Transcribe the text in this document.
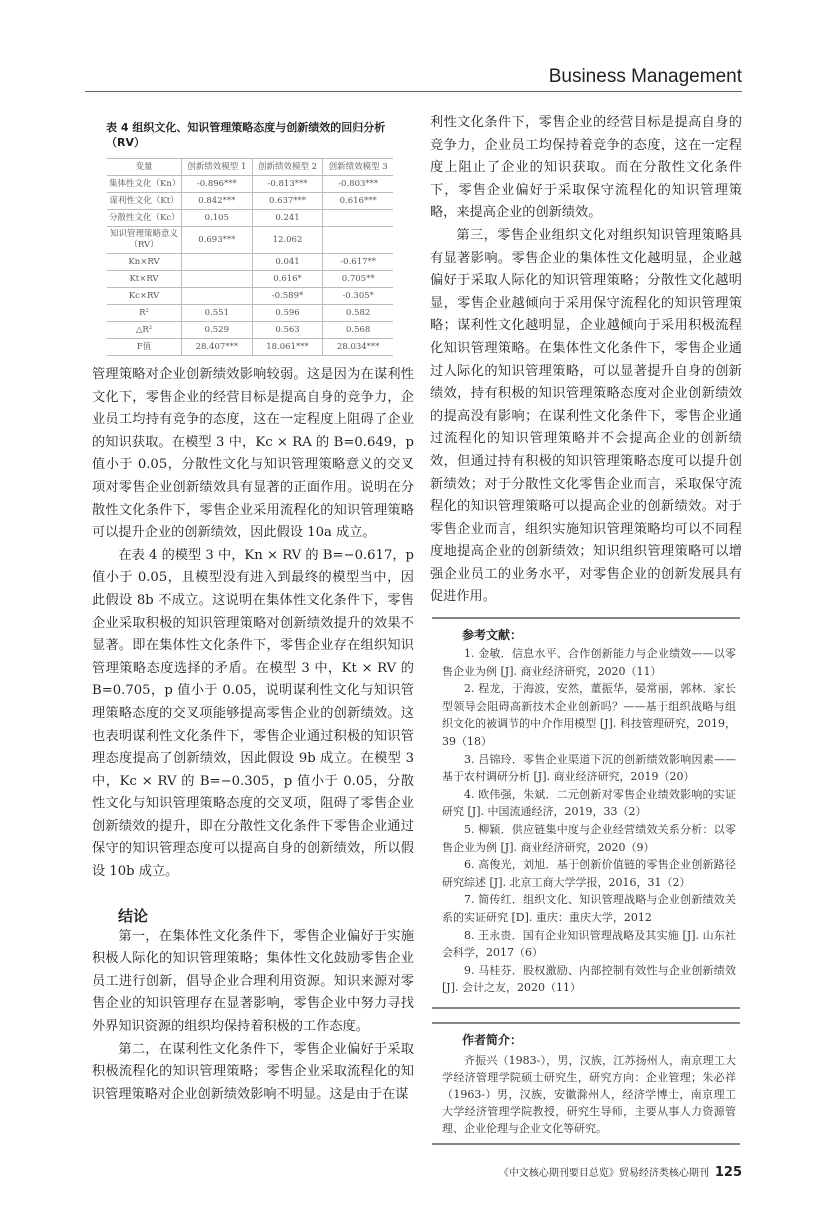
Business Management
表 4 组织文化、知识管理策略态度与创新绩效的回归分析（RV）
变量	创新绩效模型 1	创新绩效模型 2	创新绩效模型 3
集体性文化（Kn）	-0.896***	-0.813***	-0.803***
谋利性文化（Kt）	0.842***	0.637***	0.616***
分散性文化（Kc）	0.105	0.241	
知识管理策略意义（RV）	0.693***	12.062	
Kn×RV		0.041	-0.617**
Kt×RV		0.616*	0.705**
Kc×RV		-0.589*	-0.305*
R²	0.551	0.596	0.582
△R²	0.529	0.563	0.568
F值	28.407***	18.061***	28.034***

管理策略对企业创新绩效影响较弱。这是因为在谋利性文化下，零售企业的经营目标是提高自身的竞争力，企业员工均持有竞争的态度，这在一定程度上阻碍了企业的知识获取。在模型 3 中，Kc × RA 的 B=0.649，p 值小于 0.05，分散性文化与知识管理策略意义的交叉项对零售企业创新绩效具有显著的正面作用。说明在分散性文化条件下，零售企业采用流程化的知识管理策略可以提升企业的创新绩效，因此假设 10a 成立。

在表 4 的模型 3 中，Kn × RV 的 B=−0.617，p 值小于 0.05，且模型没有进入到最终的模型当中，因此假设 8b 不成立。这说明在集体性文化条件下，零售企业采取积极的知识管理策略对创新绩效提升的效果不显著。即在集体性文化条件下，零售企业存在组织知识管理策略态度选择的矛盾。在模型 3 中，Kt × RV 的 B=0.705，p 值小于 0.05，说明谋利性文化与知识管理策略态度的交叉项能够提高零售企业的创新绩效。这也表明谋利性文化条件下，零售企业通过积极的知识管理态度提高了创新绩效，因此假设 9b 成立。在模型 3 中，Kc × RV 的 B=−0.305，p 值小于 0.05，分散性文化与知识管理策略态度的交叉项，阻碍了零售企业创新绩效的提升，即在分散性文化条件下零售企业通过保守的知识管理态度可以提高自身的创新绩效，所以假设 10b 成立。

结论

第一，在集体性文化条件下，零售企业偏好于实施积极人际化的知识管理策略；集体性文化鼓励零售企业员工进行创新，倡导企业合理利用资源。知识来源对零售企业的知识管理存在显著影响，零售企业中努力寻找外界知识资源的组织均保持着积极的工作态度。

第二，在谋利性文化条件下，零售企业偏好于采取积极流程化的知识管理策略；零售企业采取流程化的知识管理策略对企业创新绩效影响不明显。这是由于在谋

利性文化条件下，零售企业的经营目标是提高自身的竞争力，企业员工均保持着竞争的态度，这在一定程度上阻止了企业的知识获取。而在分散性文化条件下，零售企业偏好于采取保守流程化的知识管理策略，来提高企业的创新绩效。

第三，零售企业组织文化对组织知识管理策略具有显著影响。零售企业的集体性文化越明显，企业越偏好于采取人际化的知识管理策略；分散性文化越明显，零售企业越倾向于采用保守流程化的知识管理策略；谋利性文化越明显，企业越倾向于采用积极流程化知识管理策略。在集体性文化条件下，零售企业通过人际化的知识管理策略，可以显著提升自身的创新绩效，持有积极的知识管理策略态度对企业创新绩效的提高没有影响；在谋利性文化条件下，零售企业通过流程化的知识管理策略并不会提高企业的创新绩效，但通过持有积极的知识管理策略态度可以提升创新绩效；对于分散性文化零售企业而言，采取保守流程化的知识管理策略可以提高企业的创新绩效。对于零售企业而言，组织实施知识管理策略均可以不同程度地提高企业的创新绩效；知识组织管理策略可以增强企业员工的业务水平，对零售企业的创新发展具有促进作用。

参考文献：

1. 金敏．信息水平、合作创新能力与企业绩效——以零售企业为例 [J]. 商业经济研究，2020（11）

2. 程龙，于海波，安然，董振华，晏常丽，郭林．家长型领导会阻碍高新技术企业创新吗？——基于组织战略与组织文化的被调节的中介作用模型 [J]. 科技管理研究，2019，39（18）

3. 吕锦玲．零售企业渠道下沉的创新绩效影响因素——基于农村调研分析 [J]. 商业经济研究，2019（20）

4. 欧伟强，朱斌．二元创新对零售企业绩效影响的实证研究 [J]. 中国流通经济，2019，33（2）

5. 柳颖．供应链集中度与企业经营绩效关系分析：以零售企业为例 [J]. 商业经济研究，2020（9）

6. 高俊光，刘旭．基于创新价值链的零售企业创新路径研究综述 [J]. 北京工商大学学报，2016，31（2）

7. 简传红．组织文化、知识管理战略与企业创新绩效关系的实证研究 [D]. 重庆：重庆大学，2012

8. 王永贵．国有企业知识管理战略及其实施 [J]. 山东社会科学，2017（6）

9. 马桂芬．股权激励、内部控制有效性与企业创新绩效 [J]. 会计之友，2020（11）

作者简介：
齐振兴（1983-），男，汉族，江苏扬州人，南京理工大学经济管理学院硕士研究生，研究方向：企业管理；朱必祥（1963-）男，汉族，安徽滁州人，经济学博士，南京理工大学经济管理学院教授，研究生导师，主要从事人力资源管理、企业伦理与企业文化等研究。
《中文核心期刊要目总览》贸易经济类核心期刊 125
